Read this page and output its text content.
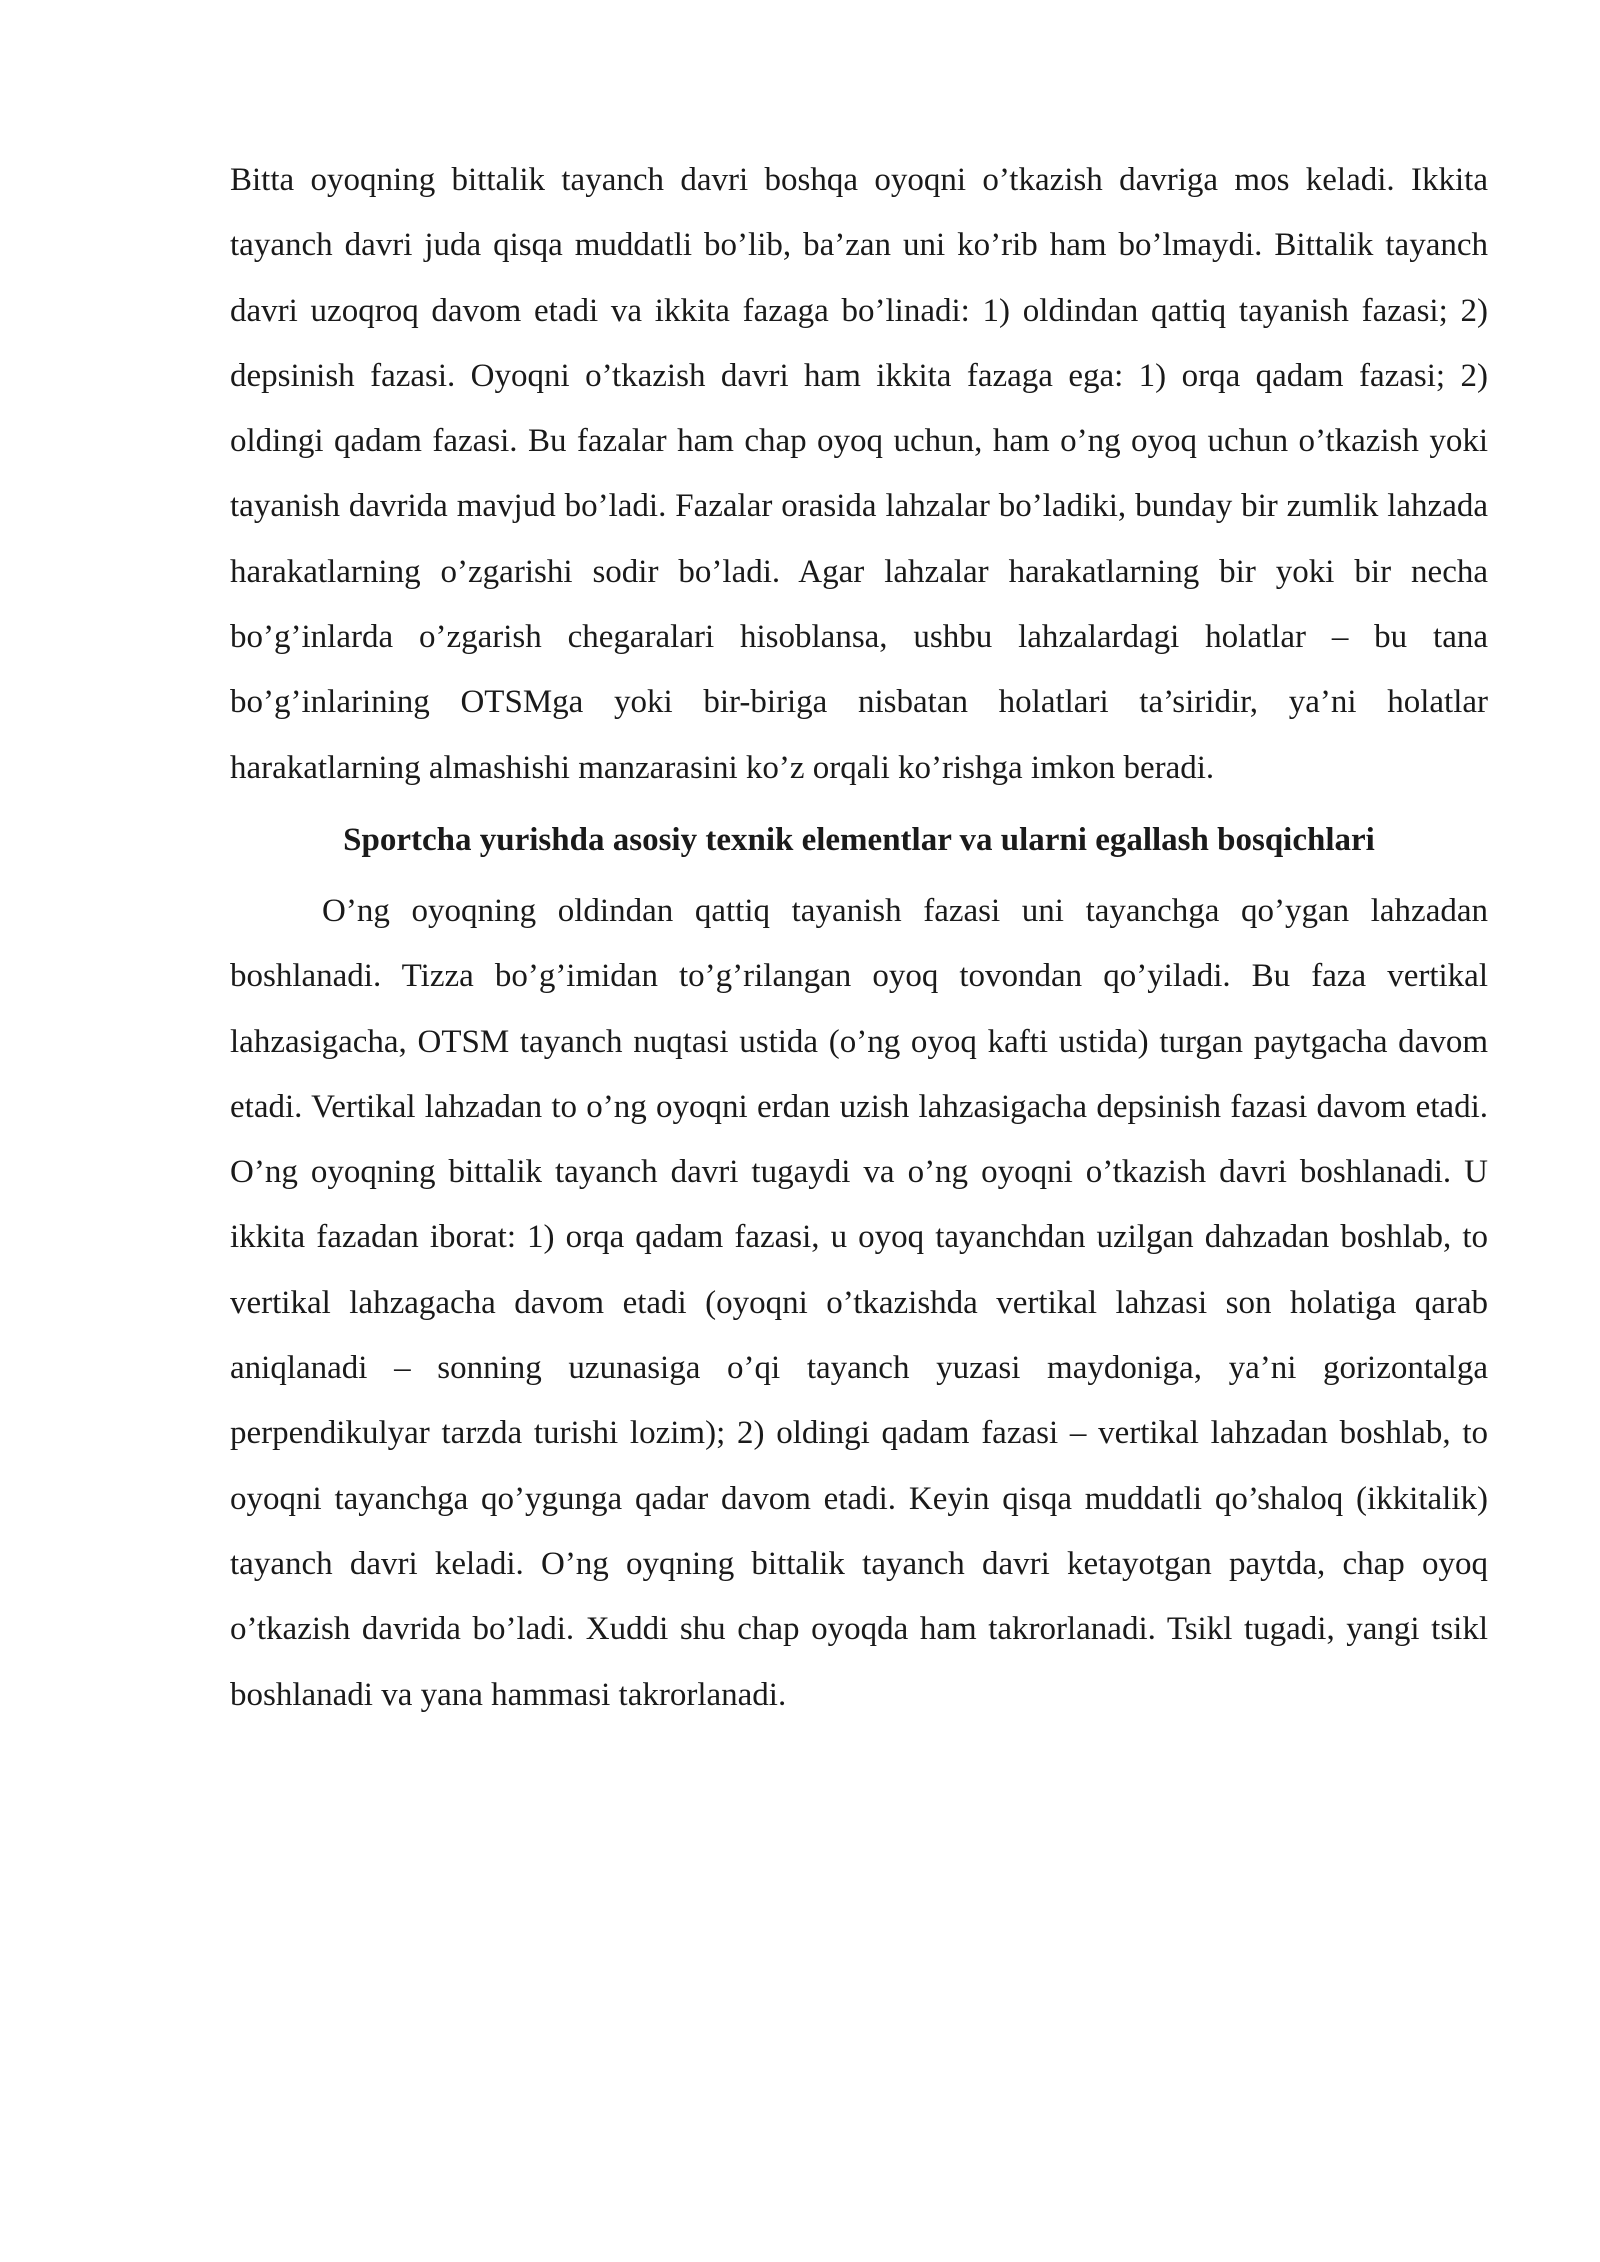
Bitta oyoqning bittalik tayanch davri boshqa oyoqni o’tkazish davriga mos keladi. Ikkita tayanch davri juda qisqa muddatli bo’lib, ba’zan uni ko’rib ham bo’lmaydi. Bittalik tayanch davri uzoqroq davom etadi va ikkita fazaga bo’linadi: 1) oldindan qattiq tayanish fazasi; 2) depsinish fazasi. Oyoqni o’tkazish davri ham ikkita fazaga ega: 1) orqa qadam fazasi; 2) oldingi qadam fazasi. Bu fazalar ham chap oyoq uchun, ham o’ng oyoq uchun o’tkazish yoki tayanish davrida mavjud bo’ladi. Fazalar orasida lahzalar bo’ladiki, bunday bir zumlik lahzada harakatlarning o’zgarishi sodir bo’ladi. Agar lahzalar harakatlarning bir yoki bir necha bo’g’inlarda o’zgarish chegaralari hisoblansa, ushbu lahzalardagi holatlar – bu tana bo’g’inlarining OTSMga yoki bir-biriga nisbatan holatlari ta’siridir, ya’ni holatlar harakatlarning almashishi manzarasini ko’z orqali ko’rishga imkon beradi.

Sportcha yurishda asosiy texnik elementlar va ularni egallash bosqichlari

O’ng oyoqning oldindan qattiq tayanish fazasi uni tayanchga qo’ygan lahzadan boshlanadi. Tizza bo’g’imidan to’g’rilangan oyoq tovondan qo’yiladi. Bu faza vertikal lahzasigacha, OTSM tayanch nuqtasi ustida (o’ng oyoq kafti ustida) turgan paytgacha davom etadi. Vertikal lahzadan to o’ng oyoqni erdan uzish lahzasigacha depsinish fazasi davom etadi. O’ng oyoqning bittalik tayanch davri tugaydi va o’ng oyoqni o’tkazish davri boshlanadi. U ikkita fazadan iborat: 1) orqa qadam fazasi, u oyoq tayanchdan uzilgan dahzadan boshlab, to vertikal lahzagacha davom etadi (oyoqni o’tkazishda vertikal lahzasi son holatiga qarab aniqlanadi – sonning uzunasiga o’qi tayanch yuzasi maydoniga, ya’ni gorizontalga perpendikulyar tarzda turishi lozim); 2) oldingi qadam fazasi – vertikal lahzadan boshlab, to oyoqni tayanchga qo’ygunga qadar davom etadi. Keyin qisqa muddatli qo’shaloq (ikkitalik) tayanch davri keladi. O’ng oyqning bittalik tayanch davri ketayotgan paytda, chap oyoq o’tkazish davrida bo’ladi. Xuddi shu chap oyoqda ham takrorlanadi. Tsikl tugadi, yangi tsikl boshlanadi va yana hammasi takrorlanadi.
